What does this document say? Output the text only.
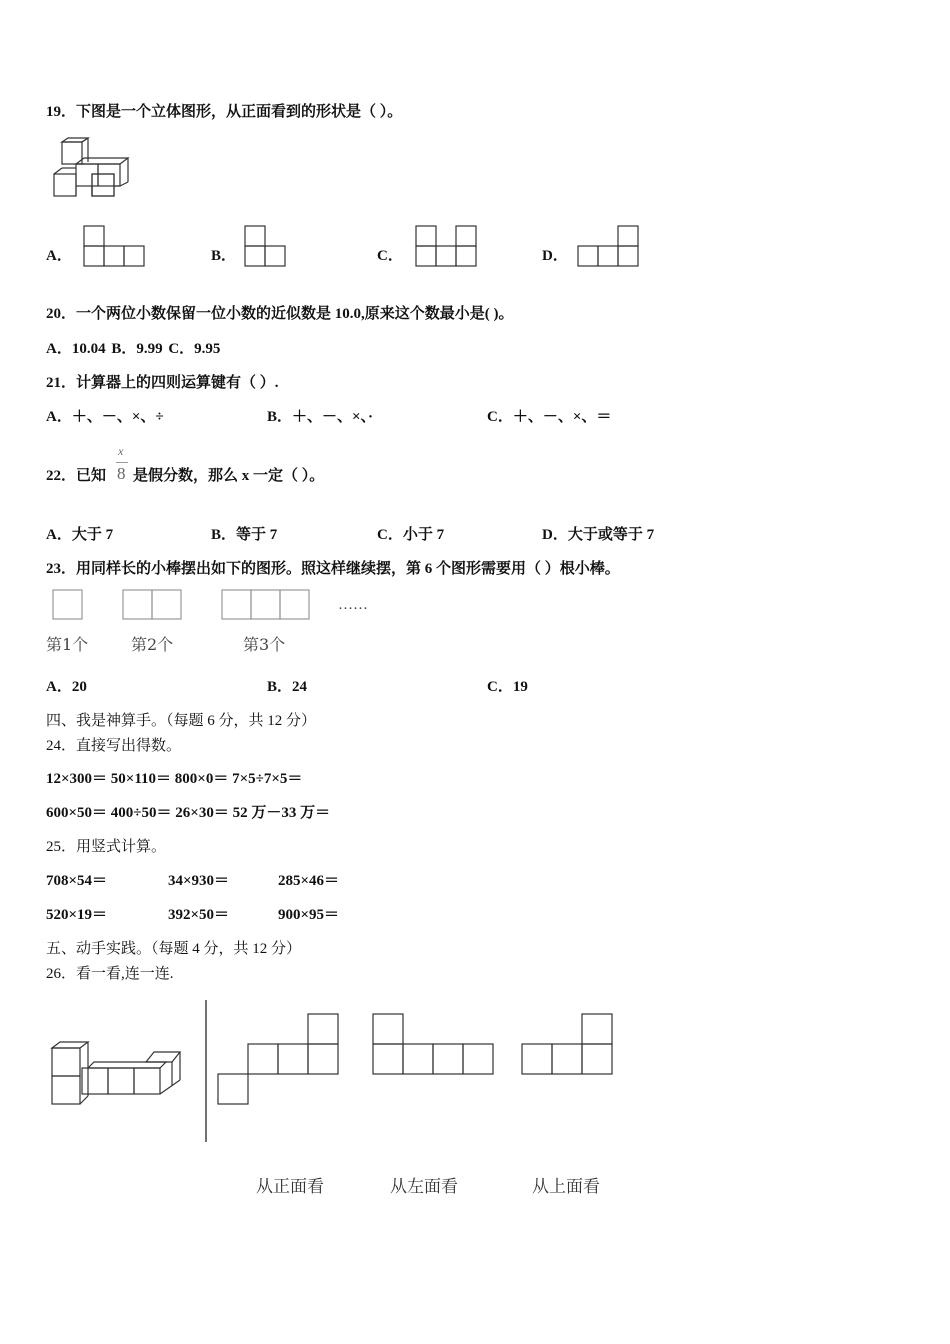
19．下图是一个立体图形，从正面看到的形状是（ ）。
A．	B．	C．	D．
20．一个两位小数保留一位小数的近似数是 10.0,原来这个数最小是( )。
A．10.04 B．9.99 C．9.95
21．计算器上的四则运算键有（ ）.
A．＋、－、×、÷	B．＋、－、×、·	C．＋、－、×、＝
22．已知
x
8 是假分数，那么 x 一定（ ）。
A．大于 7	B．等于 7	C．小于 7	D．大于或等于 7
23．用同样长的小棒摆出如下的图形。照这样继续摆，第 6 个图形需要用（ ）根小棒。
……
第1个	第2个	第3个
A．20	B．24	C．19
四、我是神算手。（每题 6 分，共 12 分）
24．直接写出得数。
12×300＝ 50×110＝ 800×0＝ 7×5÷7×5＝
600×50＝ 400÷50＝ 26×30＝ 52 万－33 万＝
25．用竖式计算。
708×54＝	34×930＝	285×46＝
520×19＝	392×50＝	900×95＝
五、动手实践。（每题 4 分，共 12 分）
26．看一看,连一连.
从正面看	从左面看	从上面看
